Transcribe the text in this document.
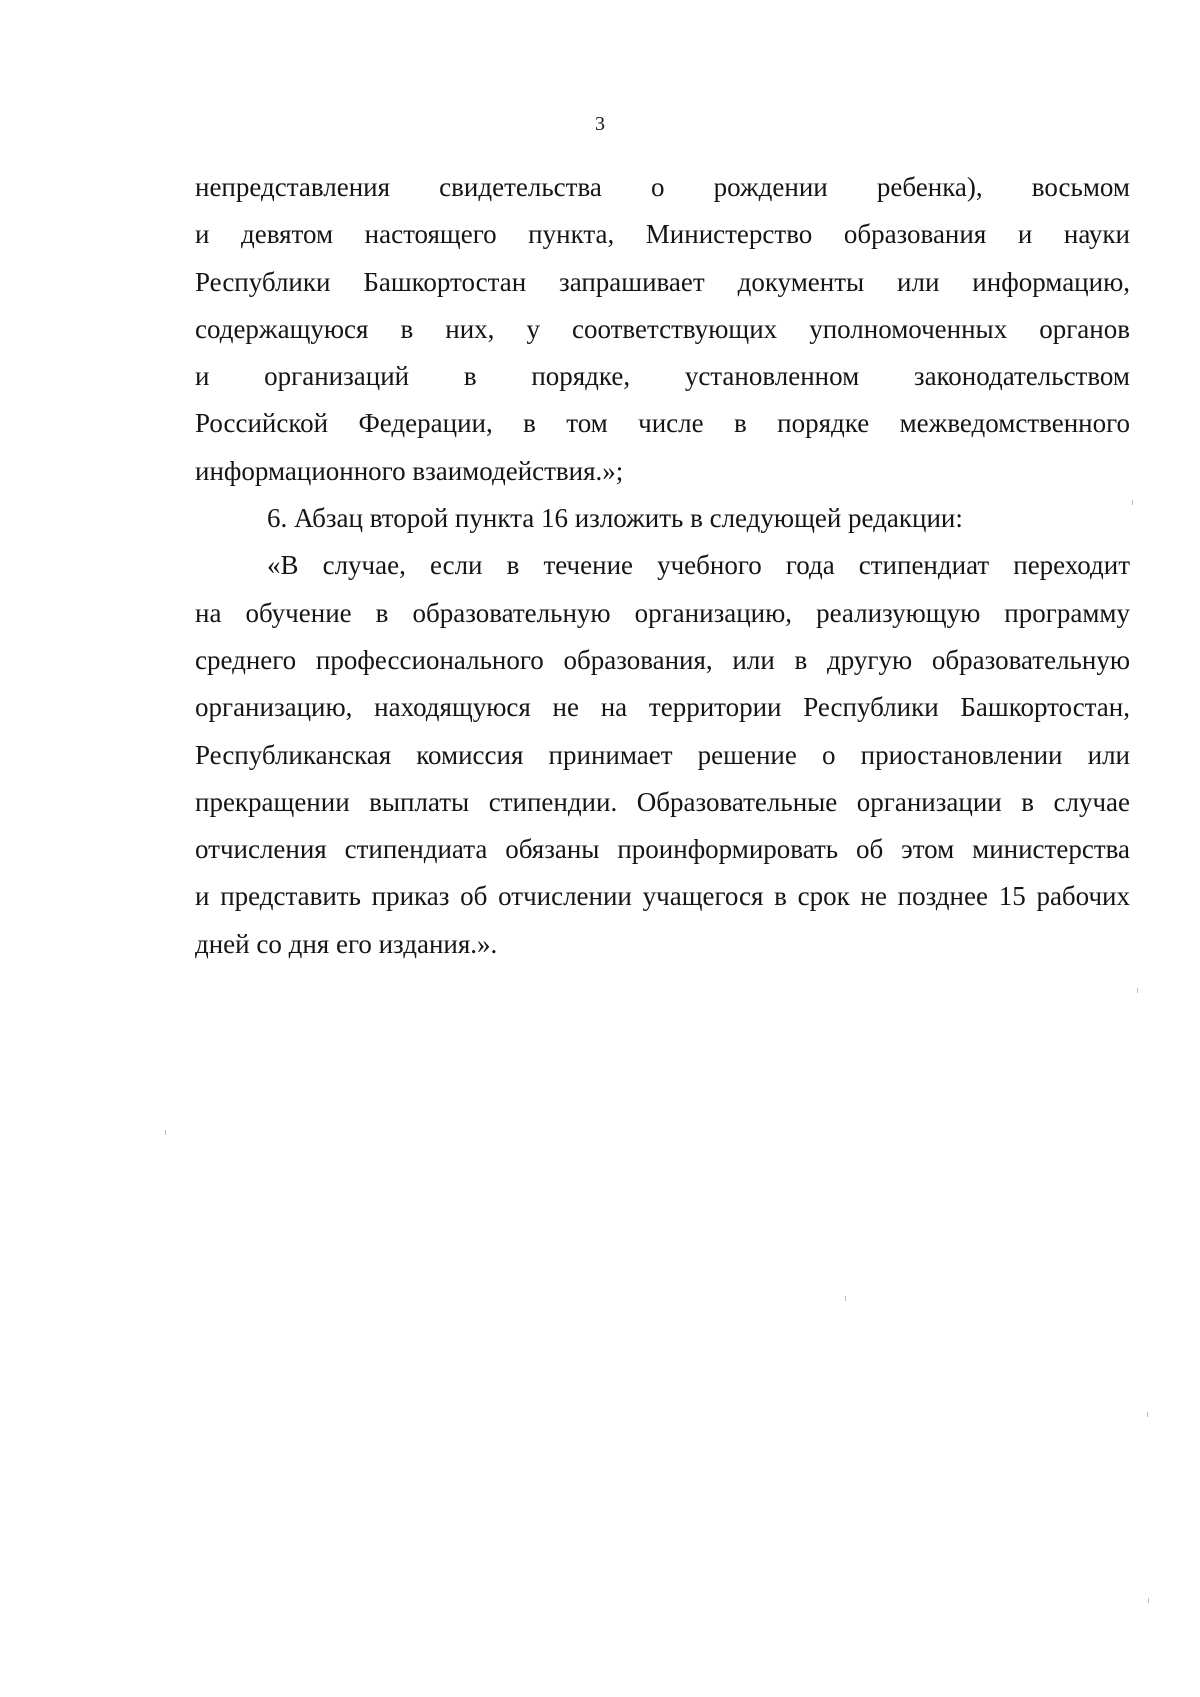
3
непредставления свидетельства о рождении ребенка), восьмом
и девятом настоящего пункта, Министерство образования и науки
Республики Башкортостан запрашивает документы или информацию,
содержащуюся в них, у соответствующих уполномоченных органов
и организаций в порядке, установленном законодательством
Российской Федерации, в том числе в порядке межведомственного
информационного взаимодействия.»;
6. Абзац второй пункта 16 изложить в следующей редакции:
«В случае, если в течение учебного года стипендиат переходит
на обучение в образовательную организацию, реализующую программу
среднего профессионального образования, или в другую образовательную
организацию, находящуюся не на территории Республики Башкортостан,
Республиканская комиссия принимает решение о приостановлении или
прекращении выплаты стипендии. Образовательные организации в случае
отчисления стипендиата обязаны проинформировать об этом министерства
и представить приказ об отчислении учащегося в срок не позднее 15 рабочих
дней со дня его издания.».
